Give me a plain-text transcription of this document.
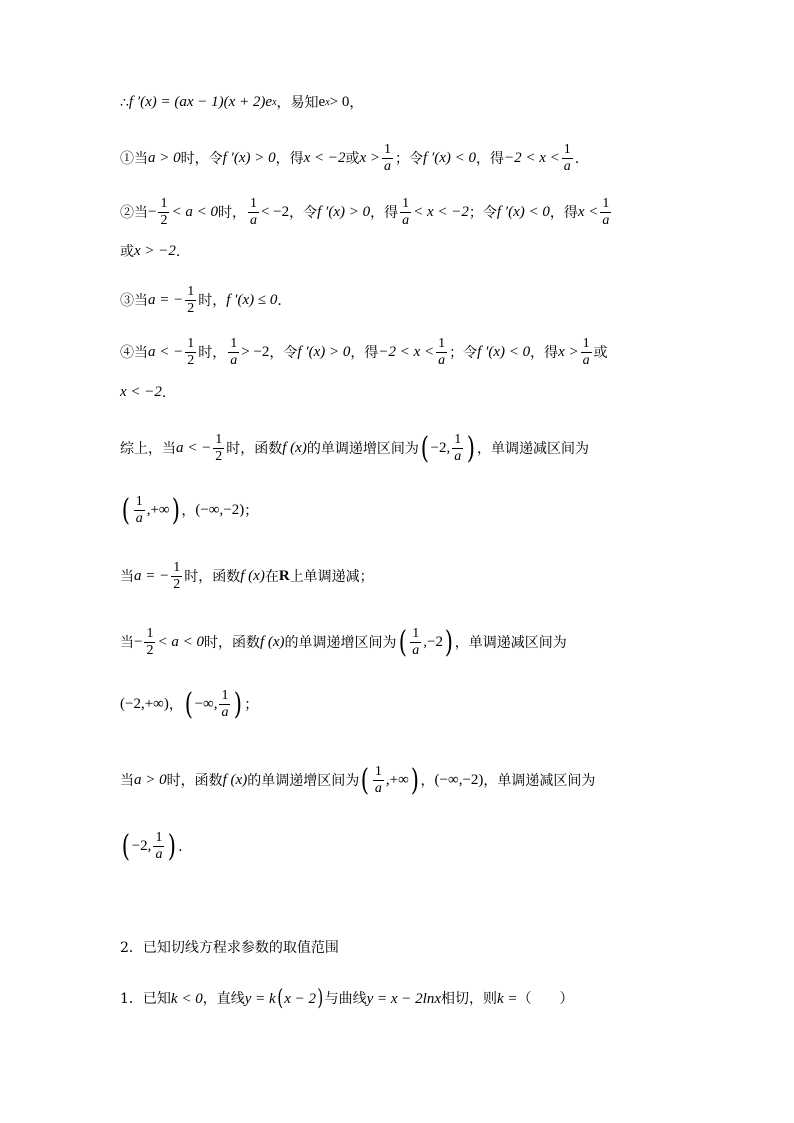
∴ f ′(x) = (ax − 1)(x + 2)e x ，易知 e x > 0 ，
①当 a > 0 时，令 f ′(x) > 0 ，得 x < −2 或 $x > \frac{1}{a}$ ；令 f ′(x) < 0 ，得 $-2 < x < \frac{1}{a}$ .
②当 − $\frac{1}{2} < a < 0$ 时， $\frac{1}{a} < -2$ ，令 f ′(x) > 0 ，得 $\frac{1}{a} < x < -2$ ；令 f ′(x) < 0 ，得 $x < \frac{1}{a}$
或 x > −2 .
③当 a = − $\frac{1}{2}$ 时， f ′(x) ≤ 0 .
④当 a < − $\frac{1}{2}$ 时， $\frac{1}{a} > -2$ ，令 f ′(x) > 0 ，得 $-2 < x < \frac{1}{a}$ ；令 f ′(x) < 0 ，得 $x > \frac{1}{a}$ 或
x < −2 .
综上，当 a < − $\frac{1}{2}$ 时，函数 f (x) 的单调递增区间为 ( −2, $\frac{1}{a}$ ) ，单调递减区间为
( $\frac{1}{a}$ ,+∞ ) ， (−∞,−2) ；
当 a = − $\frac{1}{2}$ 时，函数 f (x) 在 R 上单调递减；
当 − $\frac{1}{2} < a < 0$ 时，函数 f (x) 的单调递增区间为 ( $\frac{1}{a} ,-2$ ) ，单调递减区间为
(−2,+∞) ， ( −∞, $\frac{1}{a}$ ) ；
当 a > 0 时，函数 f (x) 的单调递增区间为 ( $\frac{1}{a}$ ,+∞ ) ， (−∞,−2) ，单调递减区间为
( −2, $\frac{1}{a}$ ) .
2．已知切线方程求参数的取值范围
1．已知 k < 0 ，直线 y = k ( x − 2 ) 与曲线 y = x − 2lnx 相切，则 k = （　　）
